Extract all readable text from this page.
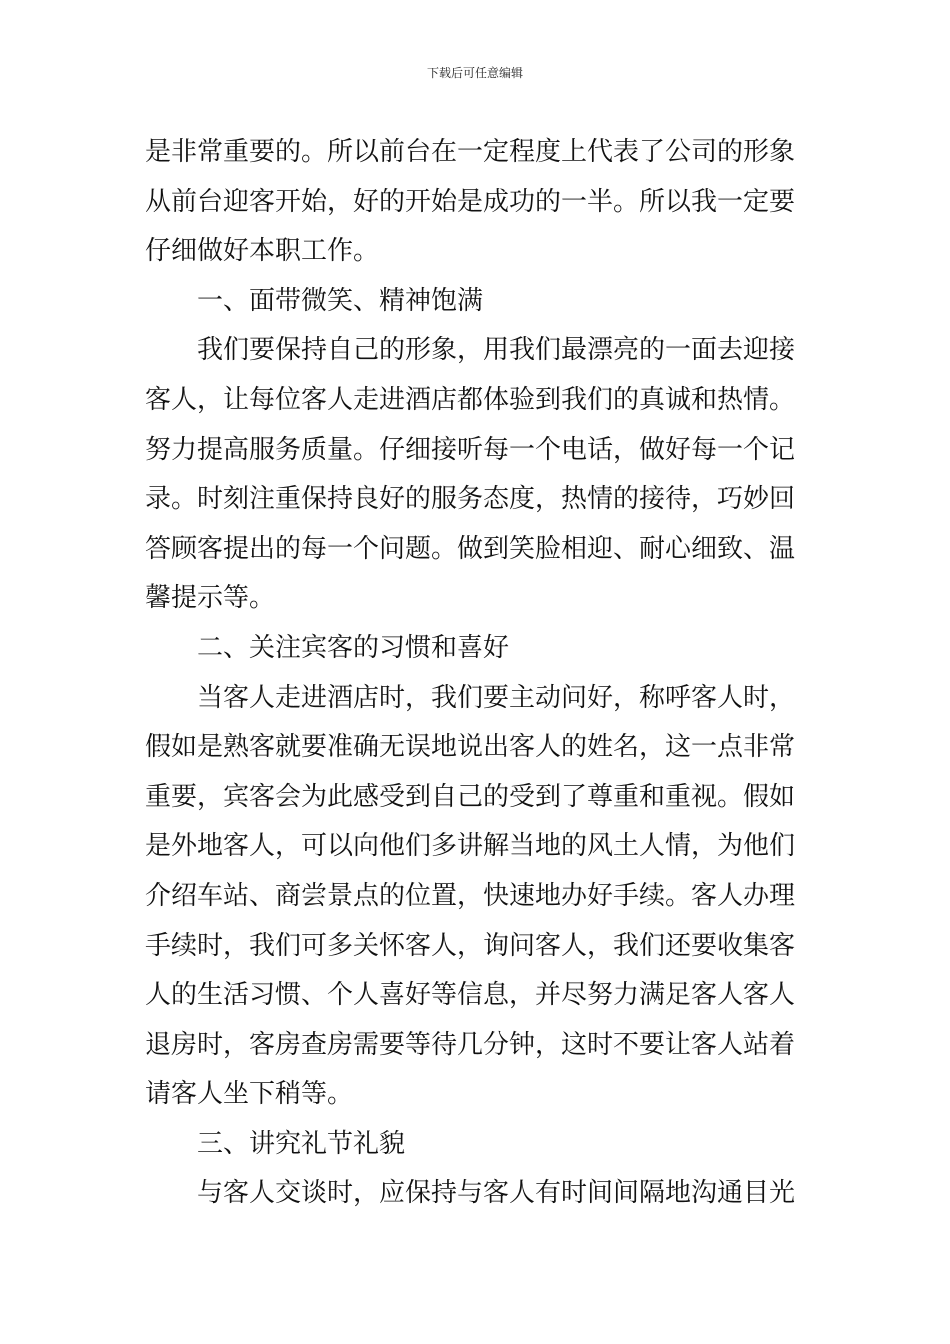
下载后可任意编辑
是非常重要的。所以前台在一定程度上代表了公司的形象
从前台迎客开始，好的开始是成功的一半。所以我一定要
仔细做好本职工作。
一、面带微笑、精神饱满
我们要保持自己的形象，用我们最漂亮的一面去迎接
客人，让每位客人走进酒店都体验到我们的真诚和热情。
努力提高服务质量。仔细接听每一个电话，做好每一个记
录。时刻注重保持良好的服务态度，热情的接待，巧妙回
答顾客提出的每一个问题。做到笑脸相迎、耐心细致、温
馨提示等。
二、关注宾客的习惯和喜好
当客人走进酒店时，我们要主动问好，称呼客人时，
假如是熟客就要准确无误地说出客人的姓名，这一点非常
重要，宾客会为此感受到自己的受到了尊重和重视。假如
是外地客人，可以向他们多讲解当地的风土人情，为他们
介绍车站、商尝景点的位置，快速地办好手续。客人办理
手续时，我们可多关怀客人，询问客人，我们还要收集客
人的生活习惯、个人喜好等信息，并尽努力满足客人客人
退房时，客房查房需要等待几分钟，这时不要让客人站着
请客人坐下稍等。
三、讲究礼节礼貌
与客人交谈时，应保持与客人有时间间隔地沟通目光
